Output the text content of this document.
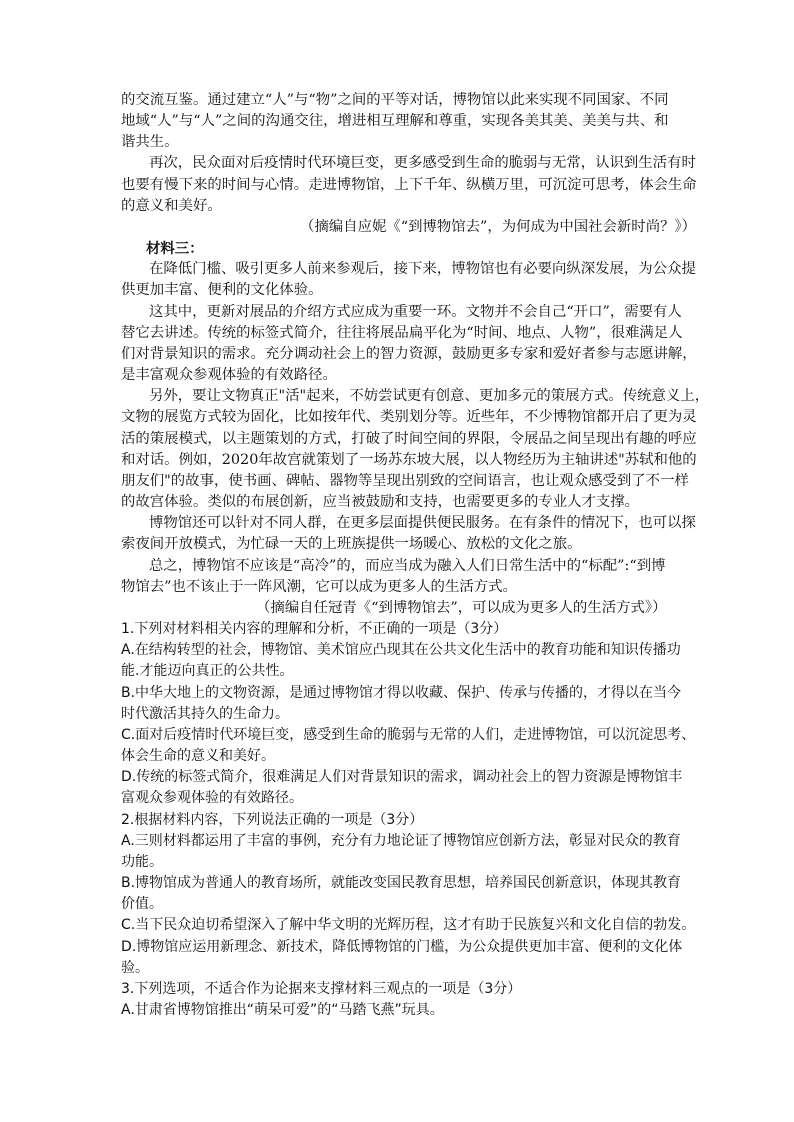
的交流互鉴。通过建立“人”与“物”之间的平等对话，博物馆以此来实现不同国家、不同
地域“人”与“人”之间的沟通交往，增进相互理解和尊重，实现各美其美、美美与共、和
谐共生。
再次，民众面对后疫情时代环境巨变，更多感受到生命的脆弱与无常，认识到生活有时
也要有慢下来的时间与心情。走进博物馆，上下千年、纵横万里，可沉淀可思考，体会生命
的意义和美好。
（摘编自应妮《“到博物馆去”，为何成为中国社会新时尚？》）
材料三：
在降低门槛、吸引更多人前来参观后，接下来，博物馆也有必要向纵深发展，为公众提
供更加丰富、便利的文化体验。
这其中，更新对展品的介绍方式应成为重要一环。文物并不会自己“开口”，需要有人
替它去讲述。传统的标签式简介，往往将展品扁平化为“时间、地点、人物”，很难满足人
们对背景知识的需求。充分调动社会上的智力资源，鼓励更多专家和爱好者参与志愿讲解，
是丰富观众参观体验的有效路径。
另外，要让文物真正"活"起来，不妨尝试更有创意、更加多元的策展方式。传统意义上，
文物的展览方式较为固化，比如按年代、类别划分等。近些年，不少博物馆都开启了更为灵
活的策展模式，以主题策划的方式，打破了时间空间的界限，令展品之间呈现出有趣的呼应
和对话。例如，2020年故宫就策划了一场苏东坡大展，以人物经历为主轴讲述"苏轼和他的
朋友们"的故事，使书画、碑帖、器物等呈现出别致的空间语言，也让观众感受到了不一样
的故宫体验。类似的布展创新，应当被鼓励和支持，也需要更多的专业人才支撑。
博物馆还可以针对不同人群，在更多层面提供便民服务。在有条件的情况下，也可以探
索夜间开放模式，为忙碌一天的上班族提供一场暖心、放松的文化之旅。
总之，博物馆不应该是“高冷”的，而应当成为融入人们日常生活中的“标配”:“到博
物馆去”也不该止于一阵风潮，它可以成为更多人的生活方式。
（摘编自任冠青《“到博物馆去”，可以成为更多人的生活方式》）
1.下列对材料相关内容的理解和分析，不正确的一项是（3分）
A.在结构转型的社会，博物馆、美术馆应凸现其在公共文化生活中的教育功能和知识传播功
能.才能迈向真正的公共性。
B.中华大地上的文物资源，是通过博物馆才得以收藏、保护、传承与传播的，才得以在当今
时代激活其持久的生命力。
C.面对后疫情时代环境巨变，感受到生命的脆弱与无常的人们，走进博物馆，可以沉淀思考、
体会生命的意义和美好。
D.传统的标签式简介，很难满足人们对背景知识的需求，调动社会上的智力资源是博物馆丰
富观众参观体验的有效路径。
2.根据材料内容，下列说法正确的一项是（3分）
A.三则材料都运用了丰富的事例，充分有力地论证了博物馆应创新方法，彰显对民众的教育
功能。
B.博物馆成为普通人的教育场所，就能改变国民教育思想，培养国民创新意识，体现其教育
价值。
C.当下民众迫切希望深入了解中华文明的光辉历程，这才有助于民族复兴和文化自信的勃发。
D.博物馆应运用新理念、新技术，降低博物馆的门槛，为公众提供更加丰富、便利的文化体
验。
3.下列选项，不适合作为论据来支撑材料三观点的一项是（3分）
A.甘肃省博物馆推出“萌呆可爱”的“马踏飞燕”玩具。
